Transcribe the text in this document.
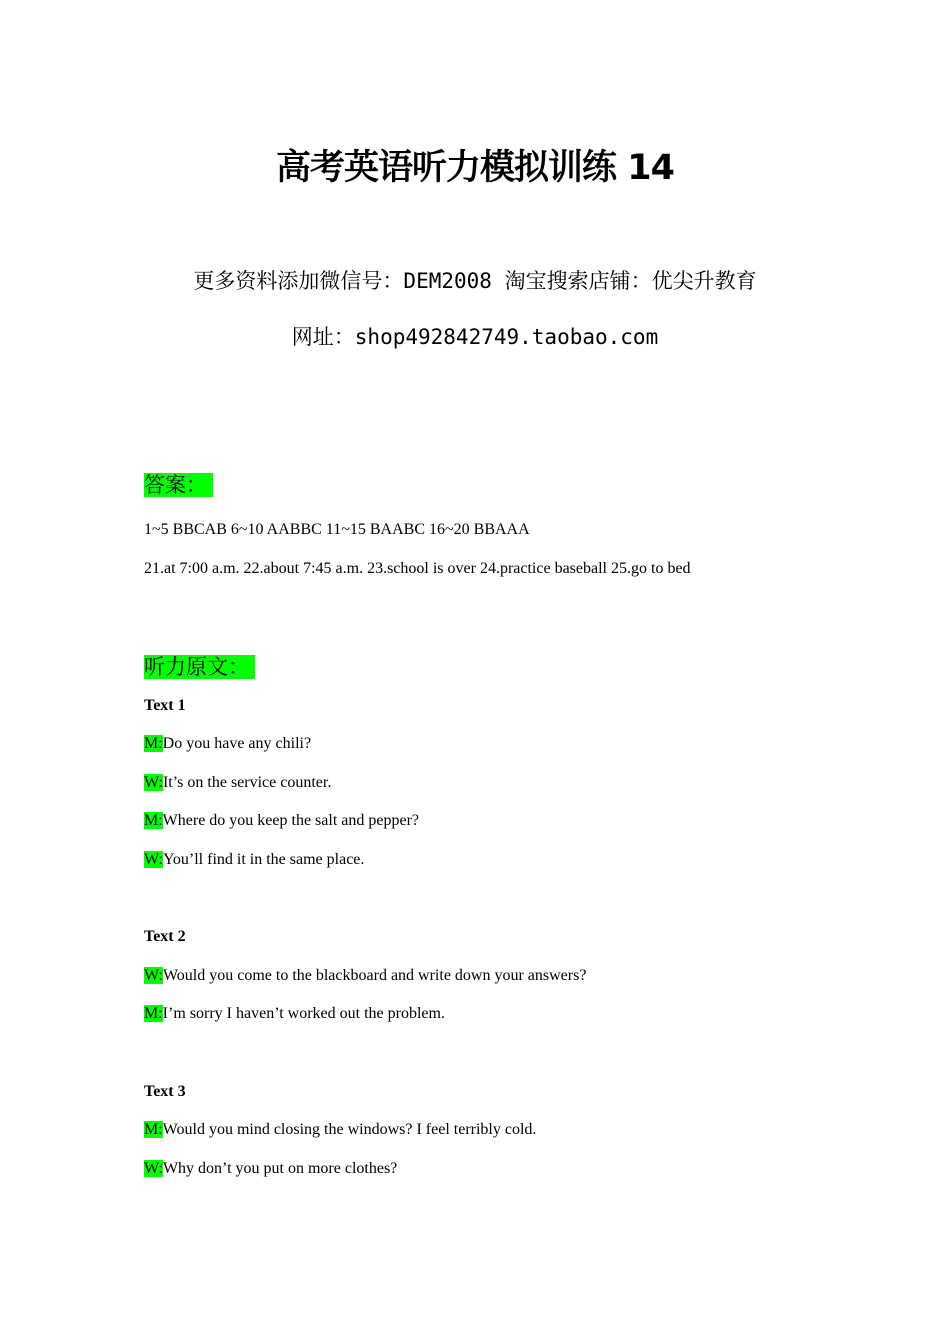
高考英语听力模拟训练 14
更多资料添加微信号：DEM2008 淘宝搜索店铺：优尖升教育
网址：shop492842749.taobao.com
答案：
1~5 BBCAB 6~10 AABBC 11~15 BAABC 16~20 BBAAA
21.at 7:00 a.m. 22.about 7:45 a.m. 23.school is over 24.practice baseball 25.go to bed
听力原文：
Text 1
M:Do you have any chili?
W:It’s on the service counter.
M:Where do you keep the salt and pepper?
W:You’ll find it in the same place.
Text 2
W:Would you come to the blackboard and write down your answers?
M:I’m sorry I haven’t worked out the problem.
Text 3
M:Would you mind closing the windows? I feel terribly cold.
W:Why don’t you put on more clothes?
